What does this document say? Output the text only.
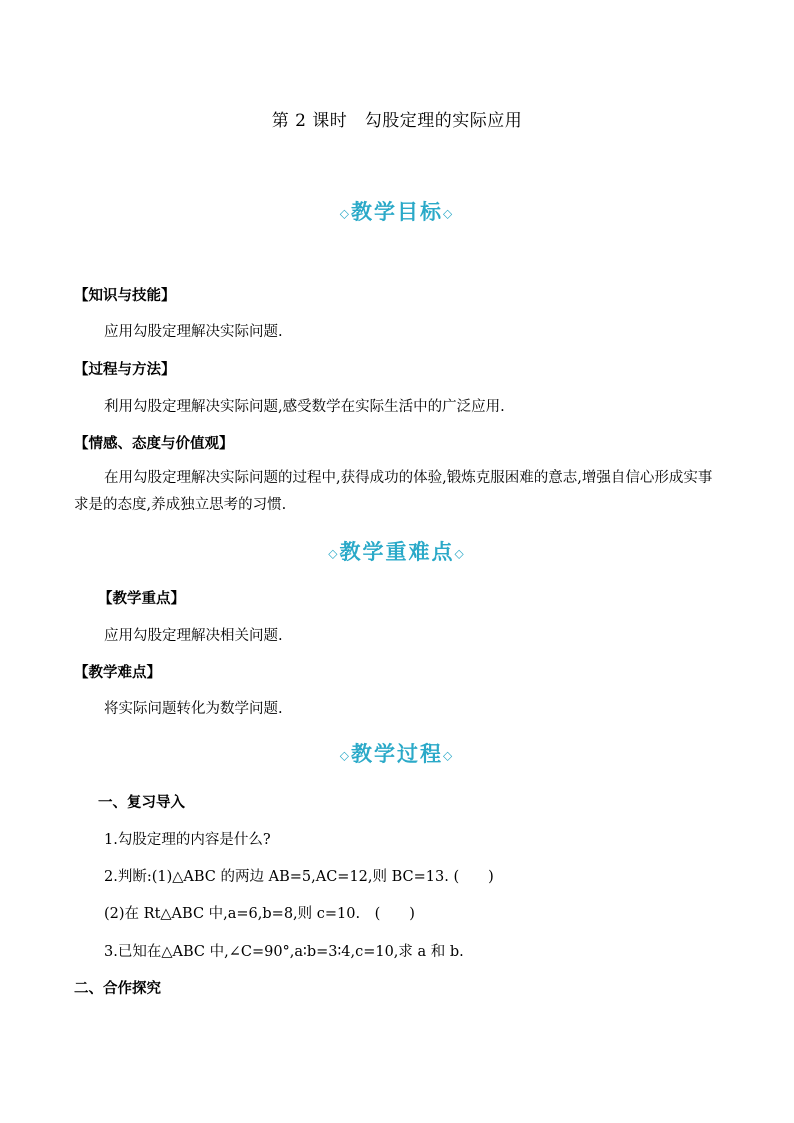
第 2 课时　勾股定理的实际应用
◇教学目标◇
【知识与技能】
应用勾股定理解决实际问题.
【过程与方法】
利用勾股定理解决实际问题,感受数学在实际生活中的广泛应用.
【情感、态度与价值观】
在用勾股定理解决实际问题的过程中,获得成功的体验,锻炼克服困难的意志,增强自信心形成实事求是的态度,养成独立思考的习惯.
◇教学重难点◇
【教学重点】
应用勾股定理解决相关问题.
【教学难点】
将实际问题转化为数学问题.
◇教学过程◇
一、复习导入
1.勾股定理的内容是什么?
2.判断:(1)△ABC 的两边 AB=5,AC=12,则 BC=13. (　　)
(2)在 Rt△ABC 中,a=6,b=8,则 c=10.　(　　)
3.已知在△ABC 中,∠C=90°,a∶b=3∶4,c=10,求 a 和 b.
二、合作探究
